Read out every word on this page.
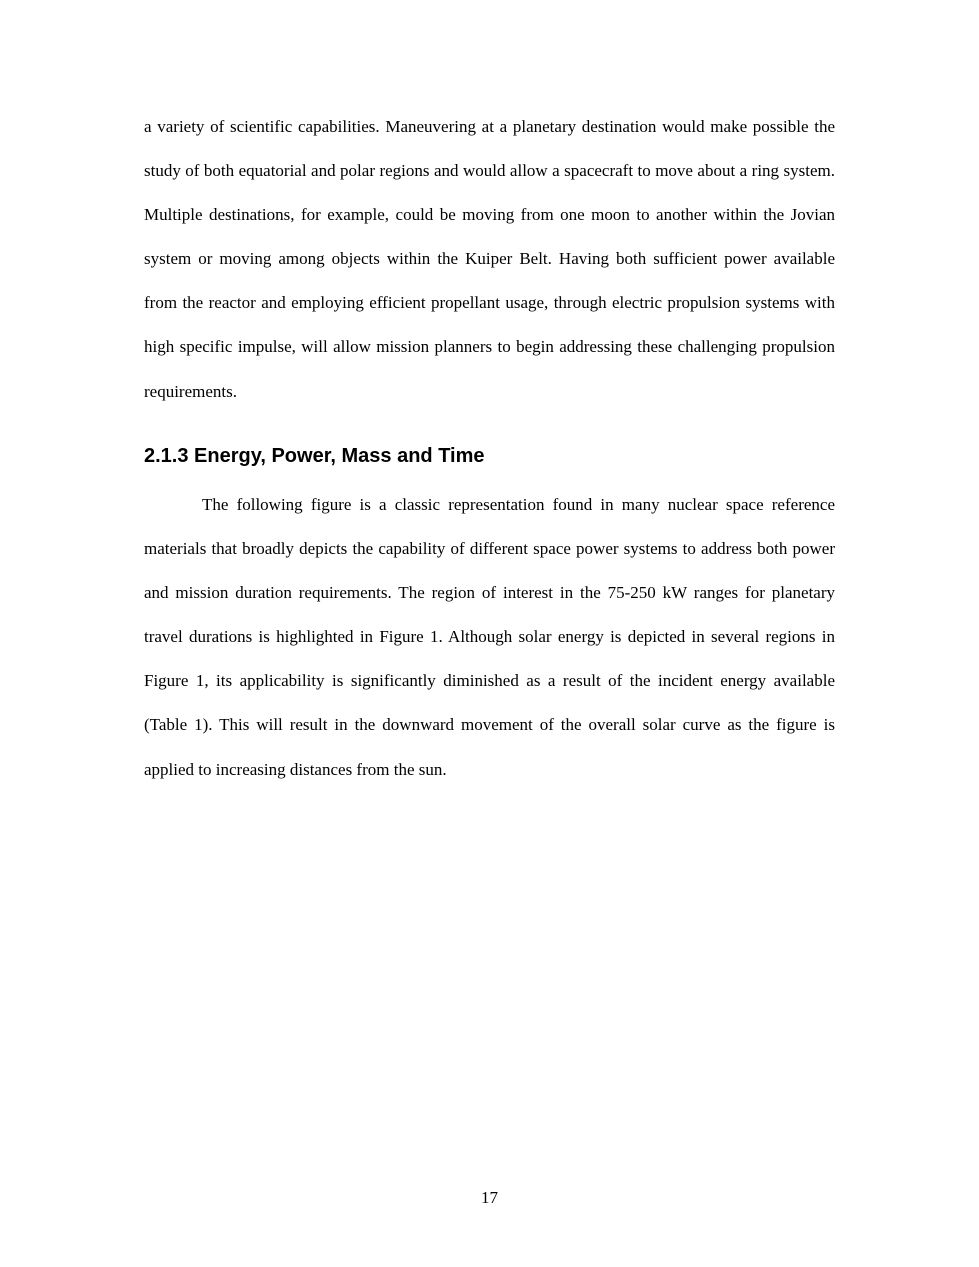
a variety of scientific capabilities. Maneuvering at a planetary destination would make possible the study of both equatorial and polar regions and would allow a spacecraft to move about a ring system. Multiple destinations, for example, could be moving from one moon to another within the Jovian system or moving among objects within the Kuiper Belt. Having both sufficient power available from the reactor and employing efficient propellant usage, through electric propulsion systems with high specific impulse, will allow mission planners to begin addressing these challenging propulsion requirements.

2.1.3 Energy, Power, Mass and Time

The following figure is a classic representation found in many nuclear space reference materials that broadly depicts the capability of different space power systems to address both power and mission duration requirements. The region of interest in the 75-250 kW ranges for planetary travel durations is highlighted in Figure 1. Although solar energy is depicted in several regions in Figure 1, its applicability is significantly diminished as a result of the incident energy available (Table 1). This will result in the downward movement of the overall solar curve as the figure is applied to increasing distances from the sun.

17
